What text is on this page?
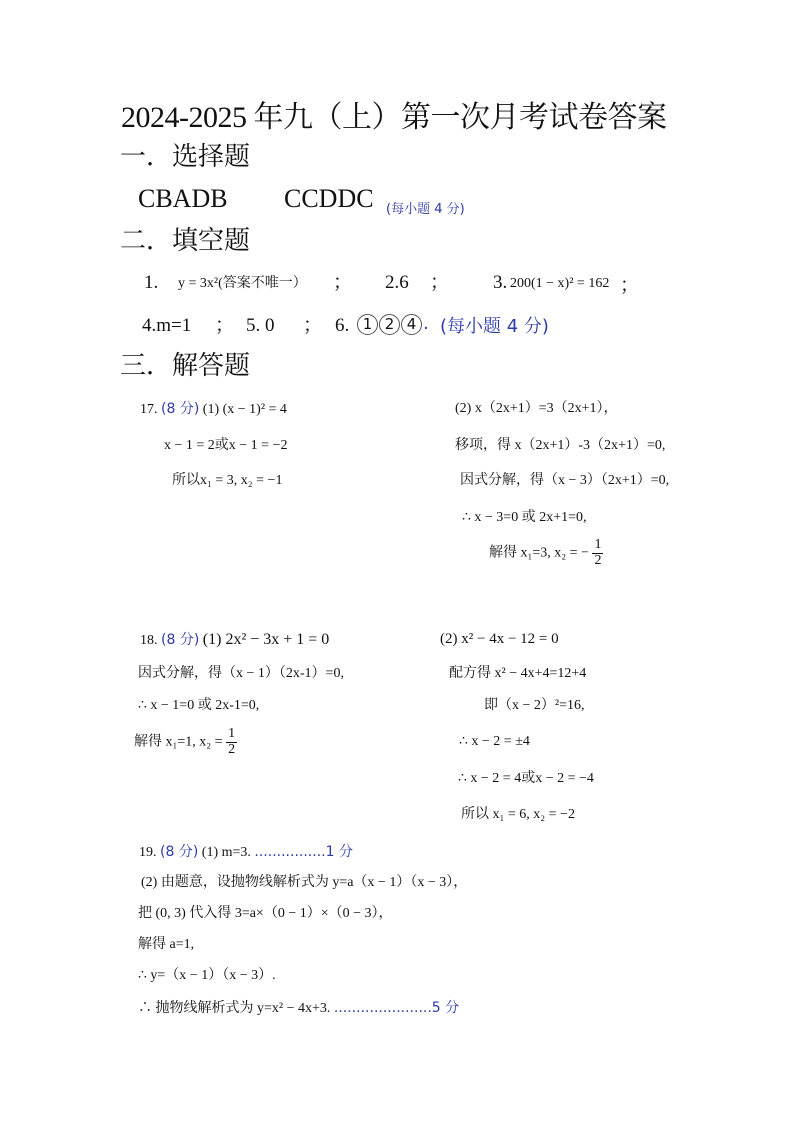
2024-2025 年九（上）第一次月考试卷答案
一．选择题
CBADB CCDDC (每小题 4 分)
二．填空题
1. y = 3x²(答案不唯一） ； 2.6 ； 3. 200(1 − x)² = 162 ；
4.m=1 ； 5. 0 ； 6. 1 2 4 . (每小题 4 分)
三．解答题
17. (8 分) (1) (x − 1)² = 4
x − 1 = 2或x − 1 = −2
所以x₁ = 3, x₂ = −1
(2) x（2x+1）=3（2x+1），
移项，得 x（2x+1）-3（2x+1）=0,
因式分解，得（x − 3）（2x+1）=0,
∴ x − 3=0 或 2x+1=0,
解得 x₁=3, x₂ = − $\frac{1}{2}$
18. (8 分) (1) 2x² − 3x + 1 = 0
因式分解，得（x − 1）（2x-1）=0,
∴ x − 1=0 或 2x-1=0,
解得 x₁=1, $x_2 = \frac{1}{2}$
(2) x² − 4x − 12 = 0
配方得 x² − 4x+4=12+4
即（x − 2）²=16,
∴ x − 2 = ±4
∴ x − 2 = 4或x − 2 = −4
所以 x₁ = 6, x₂ = −2
19. (8 分) (1) m=3. ................1 分
(2) 由题意，设抛物线解析式为 y=a（x − 1）（x − 3），
把 (0, 3) 代入得 3=a×（0 − 1）×（0 − 3），
解得 a=1,
∴ y=（x − 1）（x − 3）.
∴ 抛物线解析式为 y=x² − 4x+3. ......................5 分
